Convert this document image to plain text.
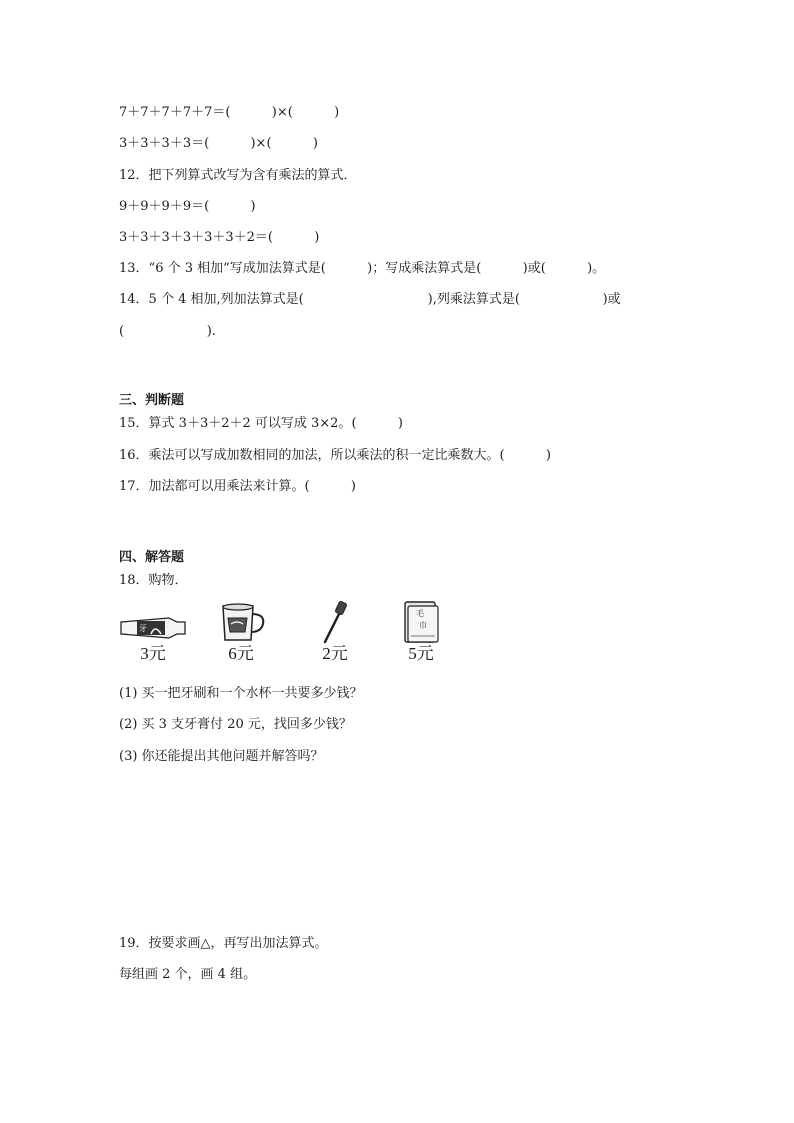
7＋7＋7＋7＋7＝(          )×(          )
3＋3＋3＋3＝(          )×(          )
12．把下列算式改写为含有乘法的算式．
9＋9＋9＋9＝(          )
3＋3＋3＋3＋3＋3＋2＝(          )
13．“6 个 3 相加”写成加法算式是(          )；写成乘法算式是(          )或(          )。
14．5 个 4 相加,列加法算式是(                              ),列乘法算式是(                    )或
(                    ).
三、判断题
15．算式 3＋3＋2＋2 可以写成 3×2。(          )
16．乘法可以写成加数相同的加法，所以乘法的积一定比乘数大。(          )
17．加法都可以用乘法来计算。(          )
四、解答题
18．购物．
牙
3元	6元	2元
毛
巾
5元
(1) 买一把牙刷和一个水杯一共要多少钱？
(2) 买 3 支牙膏付 20 元，找回多少钱？
(3) 你还能提出其他问题并解答吗？
19．按要求画△，再写出加法算式。
每组画 2 个，画 4 组。
